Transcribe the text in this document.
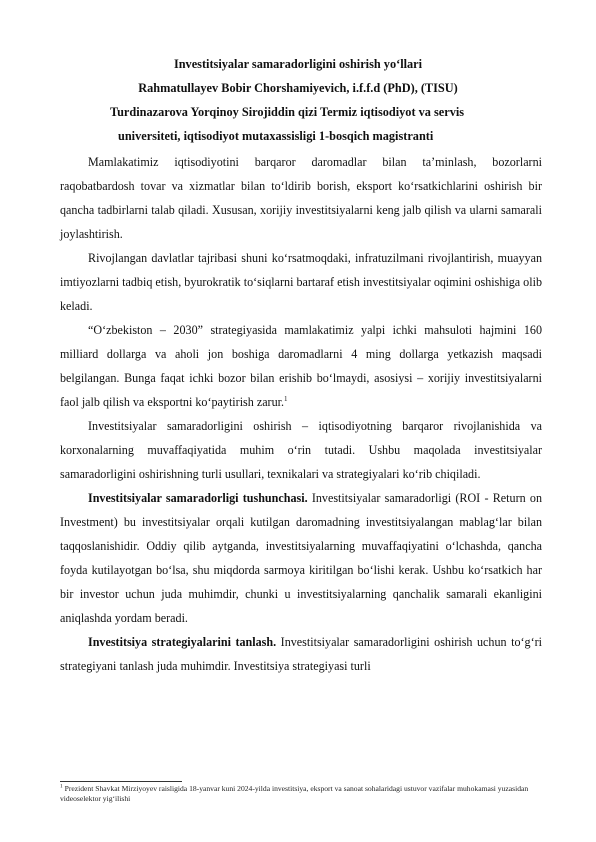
Investitsiyalar samaradorligini oshirish yo‘llari
Rahmatullayev Bobir Chorshamiyevich, i.f.f.d (PhD), (TISU)
Turdinazarova Yorqinoy Sirojiddin qizi Termiz iqtisodiyot va servis
universiteti, iqtisodiyot mutaxassisligi 1-bosqich magistranti

Mamlakatimiz iqtisodiyotini barqaror daromadlar bilan ta’minlash, bozorlarni raqobatbardosh tovar va xizmatlar bilan to‘ldirib borish, eksport ko‘rsatkichlarini oshirish bir qancha tadbirlarni talab qiladi. Xususan, xorijiy investitsiyalarni keng jalb qilish va ularni samarali joylashtirish.

Rivojlangan davlatlar tajribasi shuni ko‘rsatmoqdaki, infratuzilmani rivojlantirish, muayyan imtiyozlarni tadbiq etish, byurokratik to‘siqlarni bartaraf etish investitsiyalar oqimini oshishiga olib keladi.

“O‘zbekiston – 2030” strategiyasida mamlakatimiz yalpi ichki mahsuloti hajmini 160 milliard dollarga va aholi jon boshiga daromadlarni 4 ming dollarga yetkazish maqsadi belgilangan. Bunga faqat ichki bozor bilan erishib bo‘lmaydi, asosiysi – xorijiy investitsiyalarni faol jalb qilish va eksportni ko‘paytirish zarur.$^1$

Investitsiyalar samaradorligini oshirish – iqtisodiyotning barqaror rivojlanishida va korxonalarning muvaffaqiyatida muhim o‘rin tutadi. Ushbu maqolada investitsiyalar samaradorligini oshirishning turli usullari, texnikalari va strategiyalari ko‘rib chiqiladi.

Investitsiyalar samaradorligi tushunchasi. Investitsiyalar samaradorligi (ROI - Return on Investment) bu investitsiyalar orqali kutilgan daromadning investitsiyalangan mablag‘lar bilan taqqoslanishidir. Oddiy qilib aytganda, investitsiyalarning muvaffaqiyatini o‘lchashda, qancha foyda kutilayotgan bo‘lsa, shu miqdorda sarmoya kiritilgan bo‘lishi kerak. Ushbu ko‘rsatkich har bir investor uchun juda muhimdir, chunki u investitsiyalarning qanchalik samarali ekanligini aniqlashda yordam beradi.

Investitsiya strategiyalarini tanlash. Investitsiyalar samaradorligini oshirish uchun to‘g‘ri strategiyani tanlash juda muhimdir. Investitsiya strategiyasi turli

$^1$ Prezident Shavkat Mirziyoyev raisligida 18-yanvar kuni 2024-yilda investitsiya, eksport va sanoat sohalaridagi ustuvor vazifalar muhokamasi yuzasidan videoselektor yig‘ilishi
